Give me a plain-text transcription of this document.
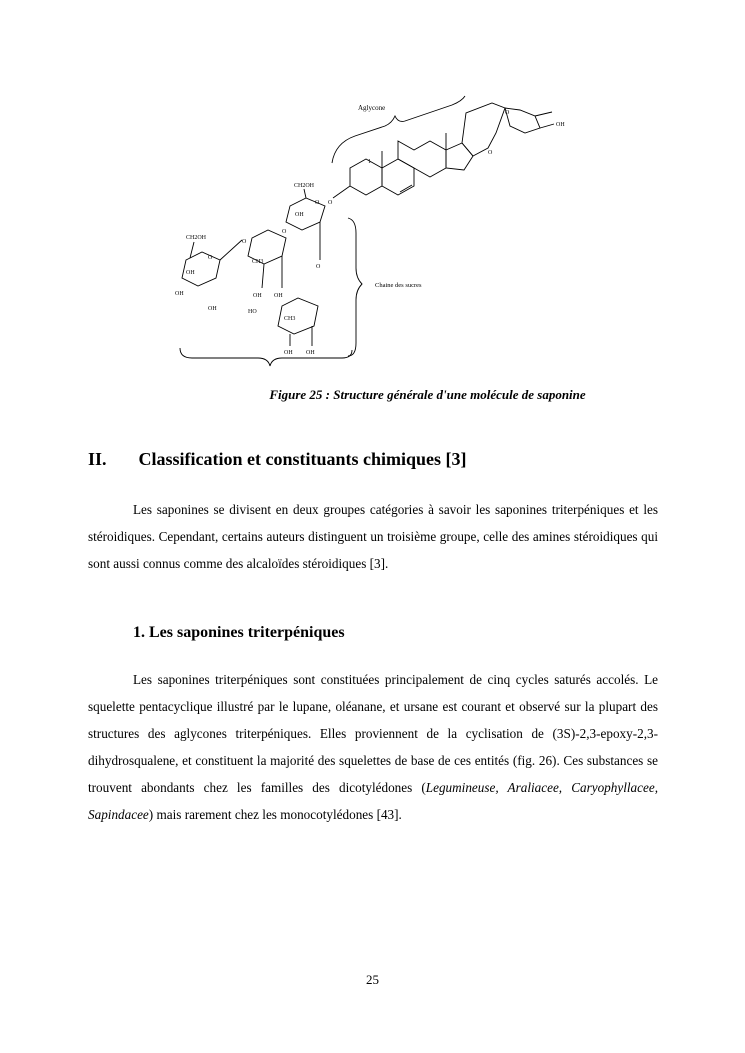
Aglycone
1
O
O
OH
O
CH2OH
O
OH
O
O
CH3
OH OH
CH2OH
O
OH
OH
OH
O
HO
CH3
OH OH
Chaine des sucres
Figure 25 : Structure générale d'une molécule de saponine
II. Classification et constituants chimiques [3]
Les saponines se divisent en deux groupes catégories à savoir les saponines triterpéniques et les stéroidiques. Cependant, certains auteurs distinguent un troisième groupe, celle des amines stéroidiques qui sont aussi connus comme des alcaloïdes stéroidiques [3].
1. Les saponines triterpéniques
Les saponines triterpéniques sont constituées principalement de cinq cycles saturés accolés. Le squelette pentacyclique illustré par le lupane, oléanane, et ursane est courant et observé sur la plupart des structures des aglycones triterpéniques. Elles proviennent de la cyclisation de (3S)-2,3-epoxy-2,3-dihydrosqualene, et constituent la majorité des squelettes de base de ces entités (fig. 26). Ces substances se trouvent abondants chez les familles des dicotylédones (Legumineuse, Araliacee, Caryophyllacee, Sapindacee) mais rarement chez les monocotylédones [43].
25
